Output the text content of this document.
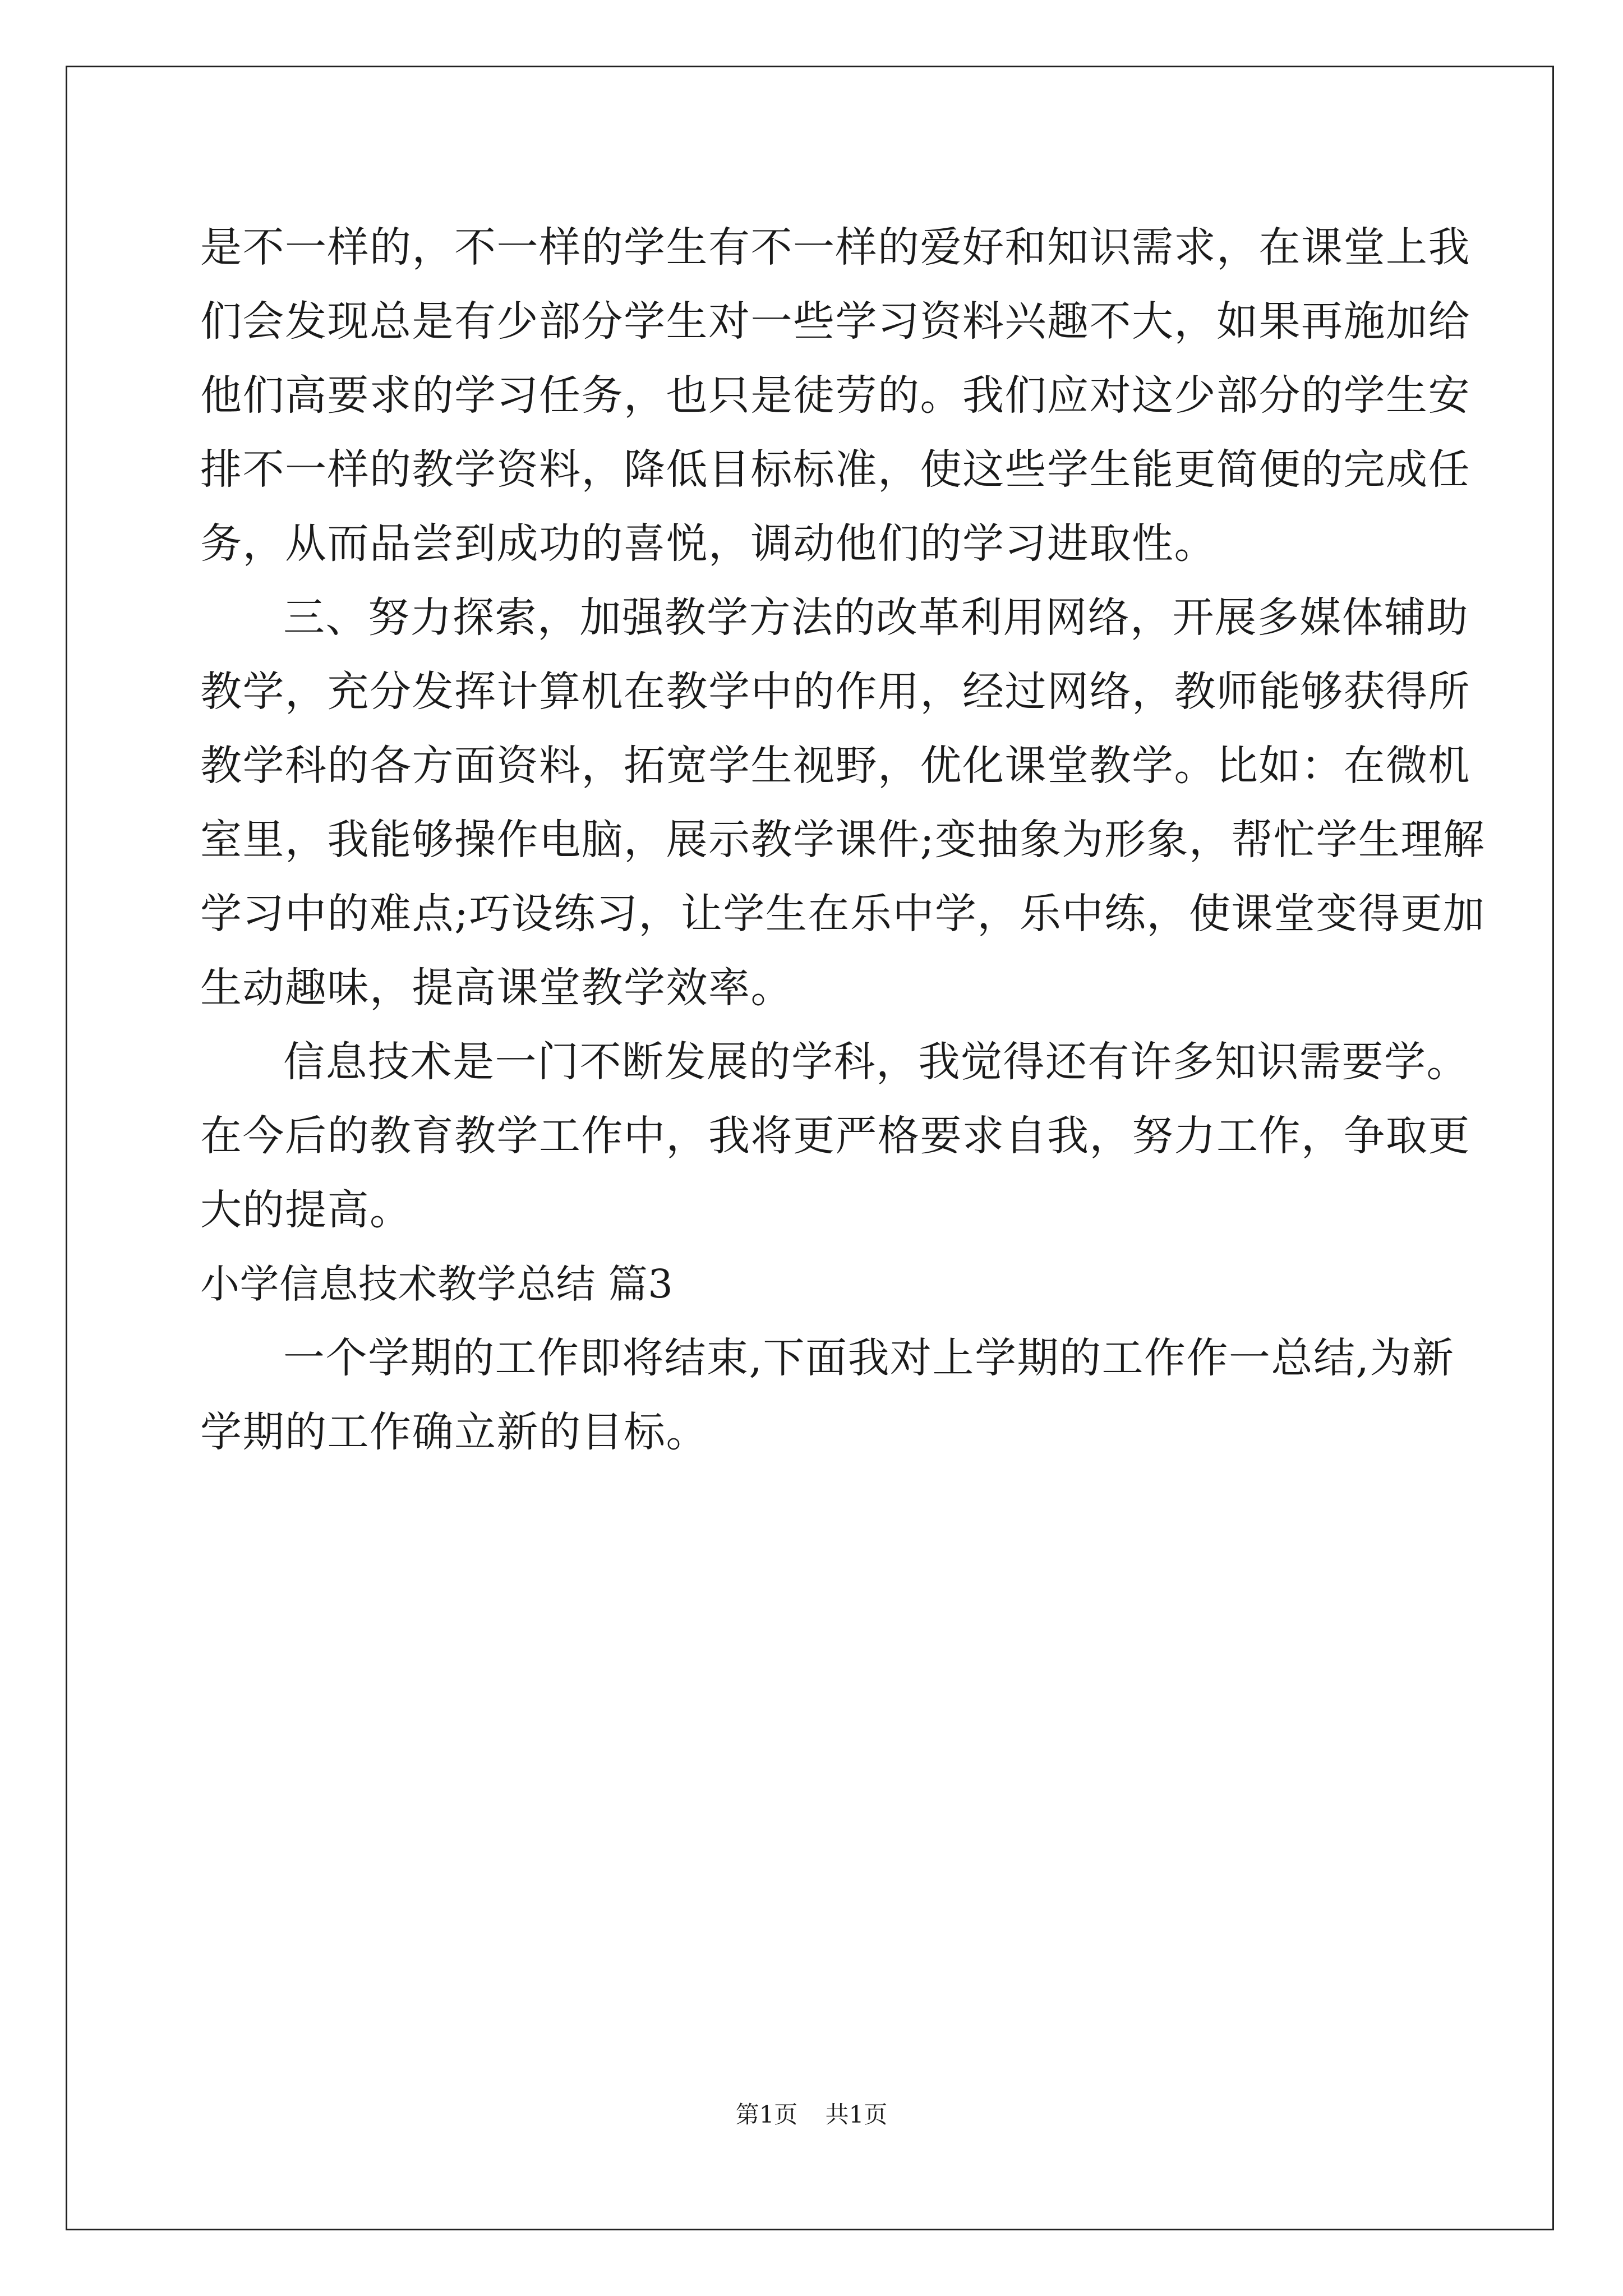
是不一样的，不一样的学生有不一样的爱好和知识需求，在课堂上我
们会发现总是有少部分学生对一些学习资料兴趣不大，如果再施加给
他们高要求的学习任务，也只是徒劳的。我们应对这少部分的学生安
排不一样的教学资料，降低目标标准，使这些学生能更简便的完成任
务，从而品尝到成功的喜悦，调动他们的学习进取性。
三、努力探索，加强教学方法的改革利用网络，开展多媒体辅助
教学，充分发挥计算机在教学中的作用，经过网络，教师能够获得所
教学科的各方面资料，拓宽学生视野，优化课堂教学。比如：在微机
室里，我能够操作电脑，展示教学课件;变抽象为形象，帮忙学生理解
学习中的难点;巧设练习，让学生在乐中学，乐中练，使课堂变得更加
生动趣味，提高课堂教学效率。
信息技术是一门不断发展的学科，我觉得还有许多知识需要学。
在今后的教育教学工作中，我将更严格要求自我，努力工作，争取更
大的提高。
小学信息技术教学总结 篇3
一个学期的工作即将结束,下面我对上学期的工作作一总结,为新
学期的工作确立新的目标。
第1页 共1页
